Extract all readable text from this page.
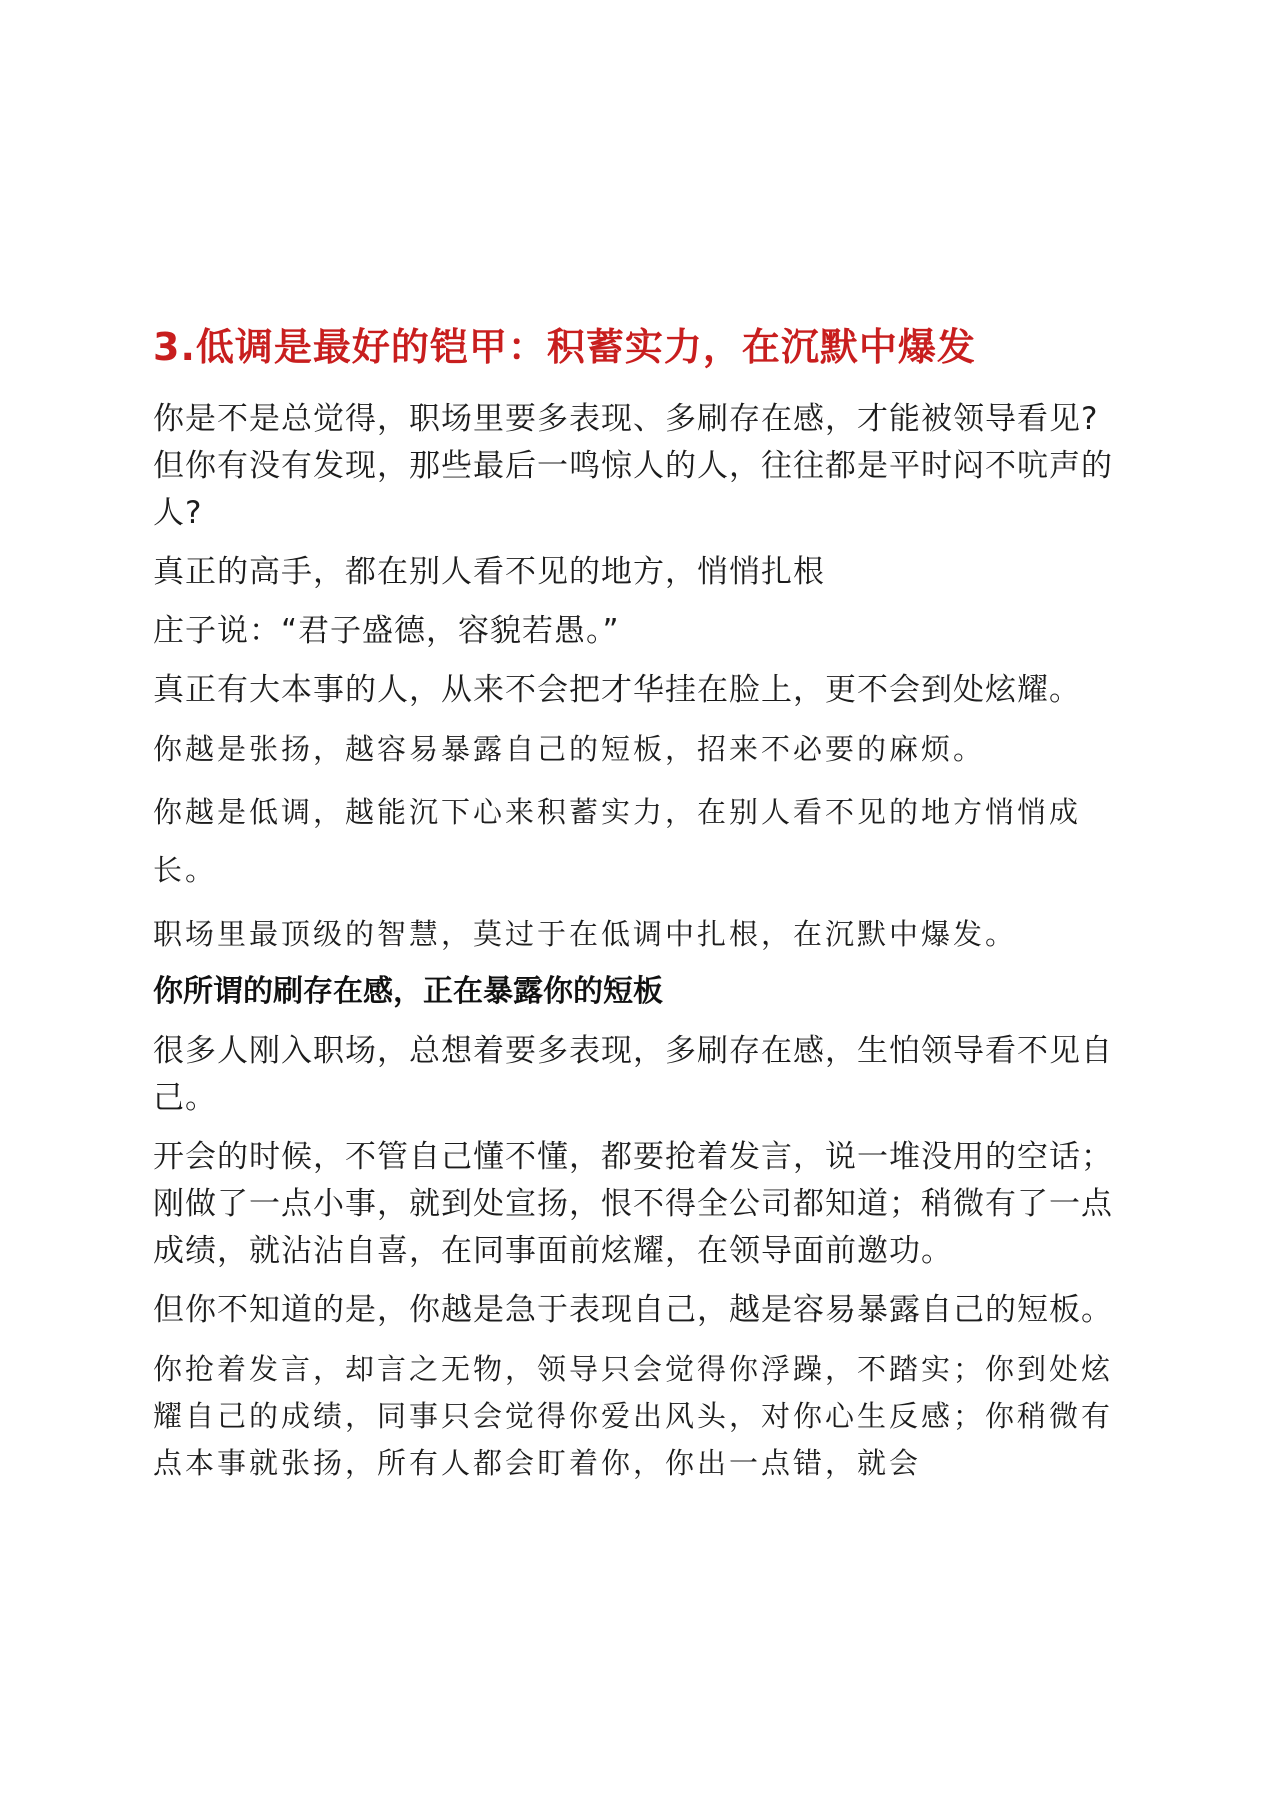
3.低调是最好的铠甲：积蓄实力，在沉默中爆发

你是不是总觉得，职场里要多表现、多刷存在感，才能被领导看见?但你有没有发现，那些最后一鸣惊人的人，往往都是平时闷不吭声的人?

真正的高手，都在别人看不见的地方，悄悄扎根

庄子说：“君子盛德，容貌若愚。”

真正有大本事的人，从来不会把才华挂在脸上，更不会到处炫耀。

你越是张扬，越容易暴露自己的短板，招来不必要的麻烦。

你越是低调，越能沉下心来积蓄实力，在别人看不见的地方悄悄成长。

职场里最顶级的智慧，莫过于在低调中扎根，在沉默中爆发。

你所谓的刷存在感，正在暴露你的短板

很多人刚入职场，总想着要多表现，多刷存在感，生怕领导看不见自己。

开会的时候，不管自己懂不懂，都要抢着发言，说一堆没用的空话；刚做了一点小事，就到处宣扬，恨不得全公司都知道；稍微有了一点成绩，就沾沾自喜，在同事面前炫耀，在领导面前邀功。

但你不知道的是，你越是急于表现自己，越是容易暴露自己的短板。

你抢着发言，却言之无物，领导只会觉得你浮躁，不踏实；你到处炫耀自己的成绩，同事只会觉得你爱出风头，对你心生反感；你稍微有点本事就张扬，所有人都会盯着你，你出一点错，就会
